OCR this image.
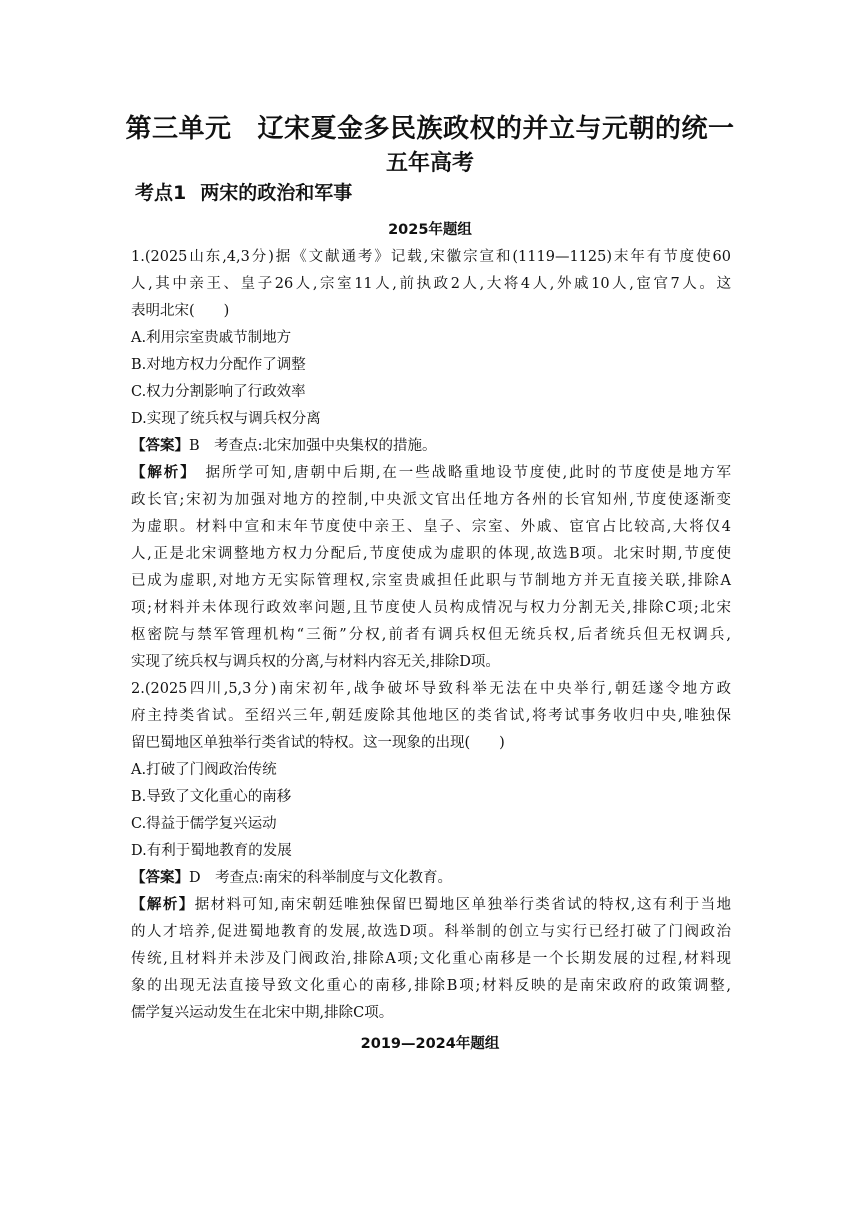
第三单元 辽宋夏金多民族政权的并立与元朝的统一
五年高考
考点1 两宋的政治和军事
2025年题组
1.(2025山东,4,3分)据《文献通考》记载,宋徽宗宣和(1119—1125)末年有节度使60
人,其中亲王、皇子26人,宗室11人,前执政2人,大将4人,外戚10人,宦官7人。这
表明北宋(　　)
A.利用宗室贵戚节制地方
B.对地方权力分配作了调整
C.权力分割影响了行政效率
D.实现了统兵权与调兵权分离
【答案】B　考查点:北宋加强中央集权的措施。
【解析】　据所学可知,唐朝中后期,在一些战略重地设节度使,此时的节度使是地方军
政长官;宋初为加强对地方的控制,中央派文官出任地方各州的长官知州,节度使逐渐变
为虚职。材料中宣和末年节度使中亲王、皇子、宗室、外戚、宦官占比较高,大将仅4
人,正是北宋调整地方权力分配后,节度使成为虚职的体现,故选B项。北宋时期,节度使
已成为虚职,对地方无实际管理权,宗室贵戚担任此职与节制地方并无直接关联,排除A
项;材料并未体现行政效率问题,且节度使人员构成情况与权力分割无关,排除C项;北宋
枢密院与禁军管理机构“三衙”分权,前者有调兵权但无统兵权,后者统兵但无权调兵,
实现了统兵权与调兵权的分离,与材料内容无关,排除D项。
2.(2025四川,5,3分)南宋初年,战争破坏导致科举无法在中央举行,朝廷遂令地方政
府主持类省试。至绍兴三年,朝廷废除其他地区的类省试,将考试事务收归中央,唯独保
留巴蜀地区单独举行类省试的特权。这一现象的出现(　　)
A.打破了门阀政治传统
B.导致了文化重心的南移
C.得益于儒学复兴运动
D.有利于蜀地教育的发展
【答案】D　考查点:南宋的科举制度与文化教育。
【解析】据材料可知,南宋朝廷唯独保留巴蜀地区单独举行类省试的特权,这有利于当地
的人才培养,促进蜀地教育的发展,故选D项。科举制的创立与实行已经打破了门阀政治
传统,且材料并未涉及门阀政治,排除A项;文化重心南移是一个长期发展的过程,材料现
象的出现无法直接导致文化重心的南移,排除B项;材料反映的是南宋政府的政策调整,
儒学复兴运动发生在北宋中期,排除C项。
2019—2024年题组
